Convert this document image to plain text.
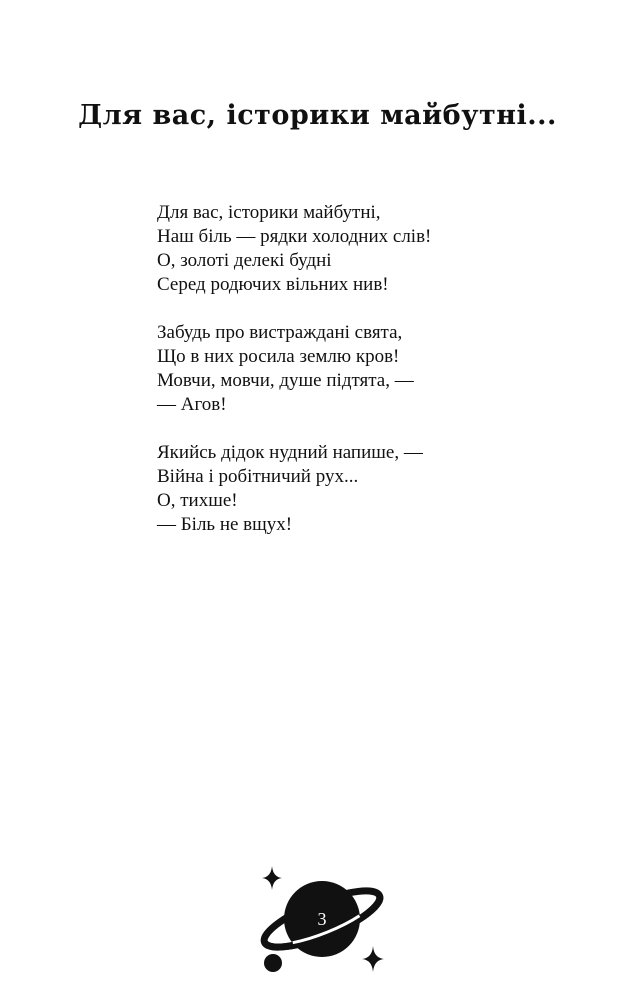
Для вас, історики майбутні...
Для вас, історики майбутні,
Наш біль — рядки холодних слів!
О, золоті делекі будні
Серед родючих вільних нив!
Забудь про вистраждані свята,
Що в них росила землю кров!
Мовчи, мовчи, душе підтята, —
— Агов!
Якийсь дідок нудний напише, —
Війна і робітничий рух...
О, тихше!
— Біль не вщух!
3
